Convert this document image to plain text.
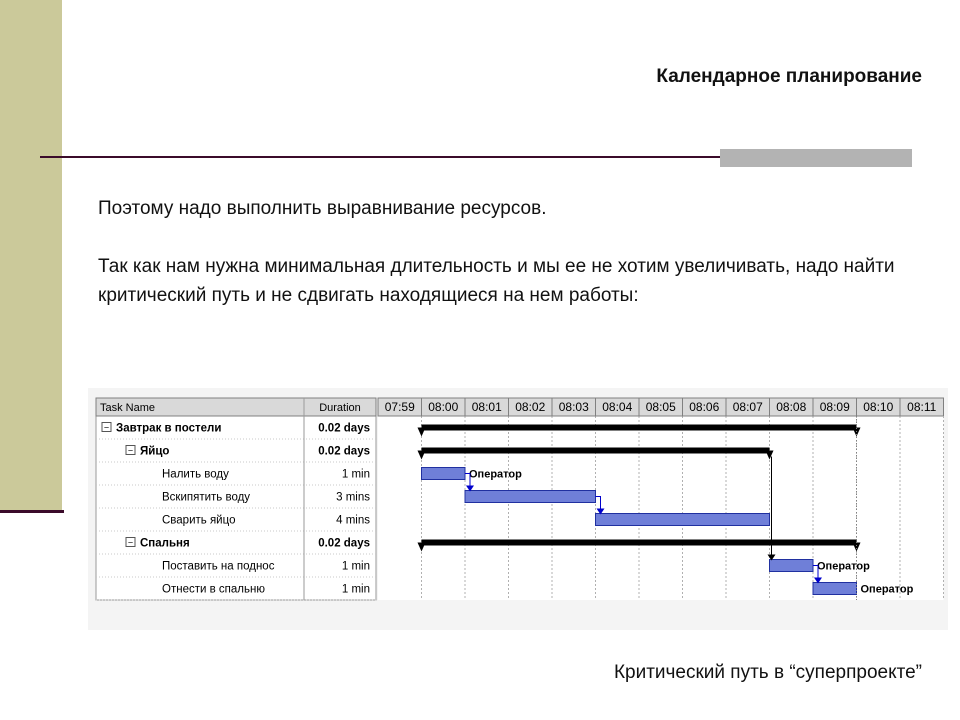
Календарное планирование
Поэтому надо выполнить выравнивание ресурсов.
Так как нам нужна минимальная длительность и мы ее не хотим увеличивать, надо найти критический путь и не сдвигать находящиеся на нем работы:
Task Name	Duration 07:59 08:00 08:01 08:02 08:03 08:04 08:05 08:06 08:07 08:08 08:09 08:10 08:11
− Завтрак в постели	0.02 days
− Яйцо	0.02 days
Налить воду	1 min	Оператор
Вскипятить воду	3 mins
Сварить яйцо	4 mins
− Спальня	0.02 days
Поставить на поднос	1 min	Оператор
Отнести в спальню	1 min	Оператор
Критический путь в “суперпроекте”
